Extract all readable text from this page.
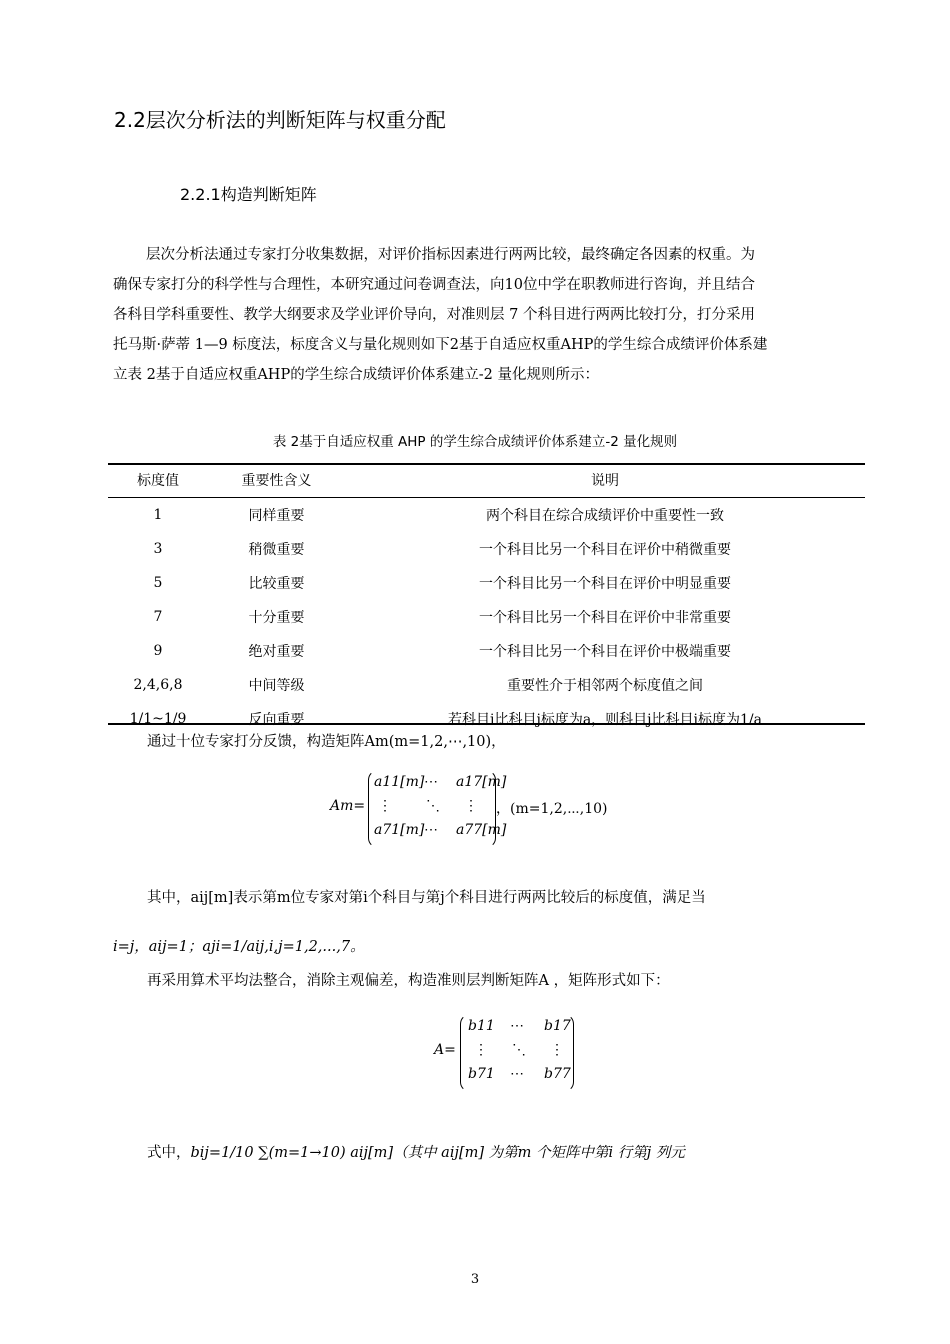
2.2层次分析法的判断矩阵与权重分配
2.2.1构造判断矩阵
层次分析法通过专家打分收集数据，对评价指标因素进行两两比较，最终确定各因素的权重。为
确保专家打分的科学性与合理性，本研究通过问卷调查法，向10位中学在职教师进行咨询，并且结合
各科目学科重要性、教学大纲要求及学业评价导向，对准则层 7 个科目进行两两比较打分，打分采用
托马斯·萨蒂 1—9 标度法，标度含义与量化规则如下2基于自适应权重AHP的学生综合成绩评价体系建
立表 2基于自适应权重AHP的学生综合成绩评价体系建立-2 量化规则所示：
表 2基于自适应权重 AHP 的学生综合成绩评价体系建立-2 量化规则
标度值	重要性含义	说明
1	同样重要	两个科目在综合成绩评价中重要性一致
3	稍微重要	一个科目比另一个科目在评价中稍微重要
5	比较重要	一个科目比另一个科目在评价中明显重要
7	十分重要	一个科目比另一个科目在评价中非常重要
9	绝对重要	一个科目比另一个科目在评价中极端重要
2,4,6,8	中间等级	重要性介于相邻两个标度值之间
1/1~1/9	反向重要	若科目i比科目j标度为a，则科目j比科目i标度为1/a
通过十位专家打分反馈，构造矩阵Am(m=1,2,⋯,10)，
Am=
a11[m] ⋯ a17[m]
⋮ ⋱ ⋮
a71[m] ⋯ a77[m]
，(m=1,2,⋯,10)
其中，aij[m]表示第m位专家对第i个科目与第j个科目进行两两比较后的标度值，满足当
i=j，aij=1；aji=1/aij,i,j=1,2,...,7。
再采用算术平均法整合，消除主观偏差，构造准则层判断矩阵A ，矩阵形式如下：
A=
b11 ⋯ b17
⋮ ⋱ ⋮
b71 ⋯ b77
式中，bij=1/10 ∑(m=1→10) aij[m]（其中 aij[m] 为第m 个矩阵中第i 行第j 列元
3
